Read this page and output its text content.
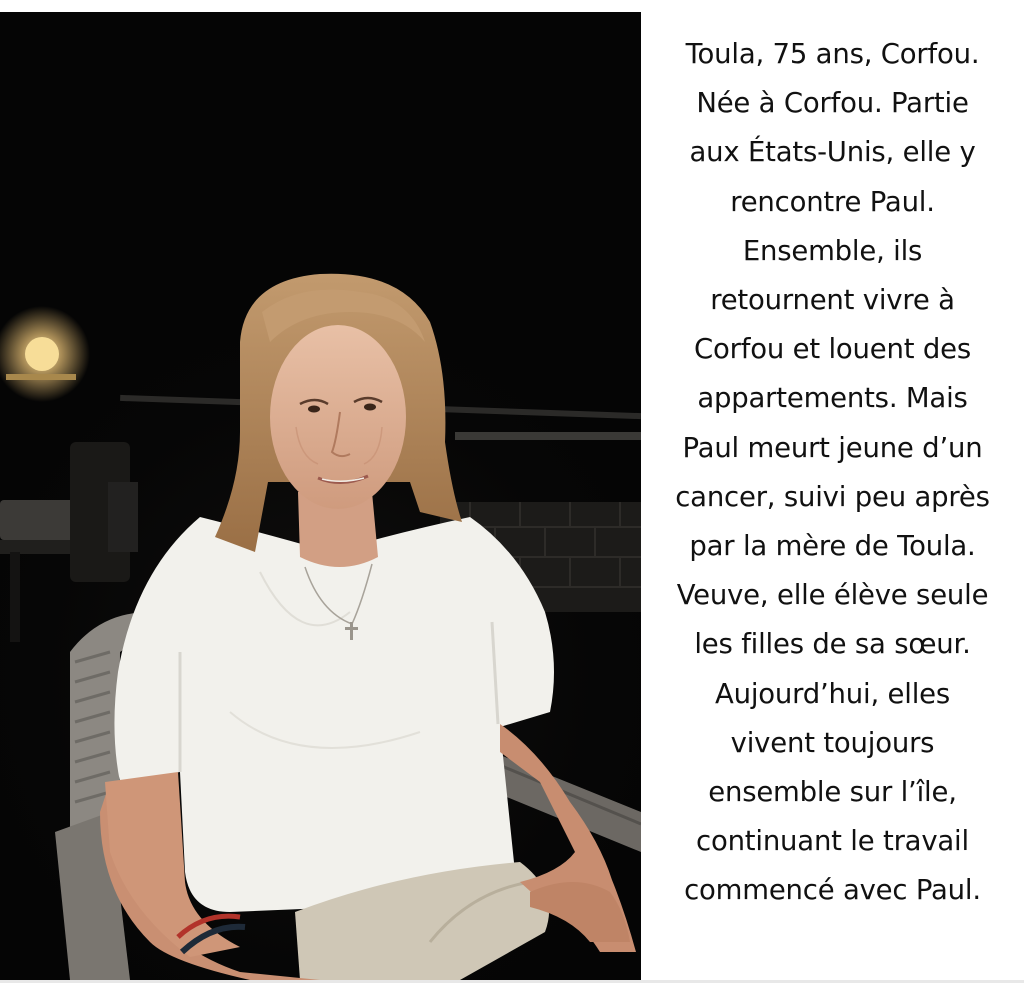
Toula, 75 ans, Corfou.
Née à Corfou. Partie
aux États-Unis, elle y
rencontre Paul.
Ensemble, ils
retournent vivre à
Corfou et louent des
appartements. Mais
Paul meurt jeune d’un
cancer, suivi peu après
par la mère de Toula.
Veuve, elle élève seule
les filles de sa sœur.
Aujourd’hui, elles
vivent toujours
ensemble sur l’île,
continuant le travail
commencé avec Paul.
